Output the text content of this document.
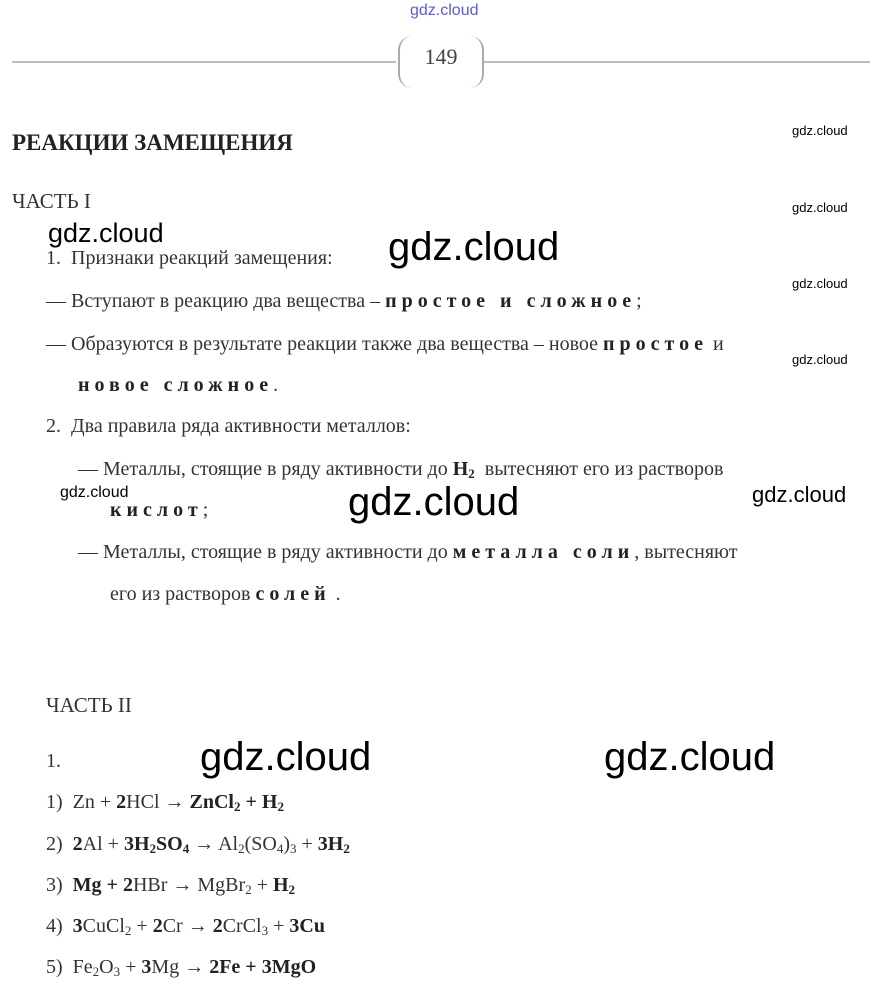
gdz.cloud
149
РЕАКЦИИ ЗАМЕЩЕНИЯ	gdz.cloud
ЧАСТЬ I	gdz.cloud
gdz.cloud
1. Признаки реакций замещения: gdz.cloud
gdz.cloud
— Вступают в реакцию два вещества – простое и сложное;
— Образуются в результате реакции также два вещества – новое простое и
gdz.cloud
новое сложное.
2. Два правила ряда активности металлов:
— Металлы, стоящие в ряду активности до $H_2$ вытесняют его из растворов
gdz.cloud	gdz.cloud	gdz.cloud
кислот;
— Металлы, стоящие в ряду активности до металла соли, вытесняют
его из растворов солей .
ЧАСТЬ II
1.	gdz.cloud	gdz.cloud
1)  Zn + 2HCl → ZnCl$_2$ + $H_2$
2) $2Al + 3H_2SO_4 \to Al_2(SO_4)_3 + 3H_2$
3) Mg + 2HBr → MgBr$_2$ + $H_2$
4) 3CuCl$_2$ + 2Cr → 2CrCl$_3$ + 3Cu
5)  $Fe_2O_3 + 3Mg \to 2Fe + 3MgO$
